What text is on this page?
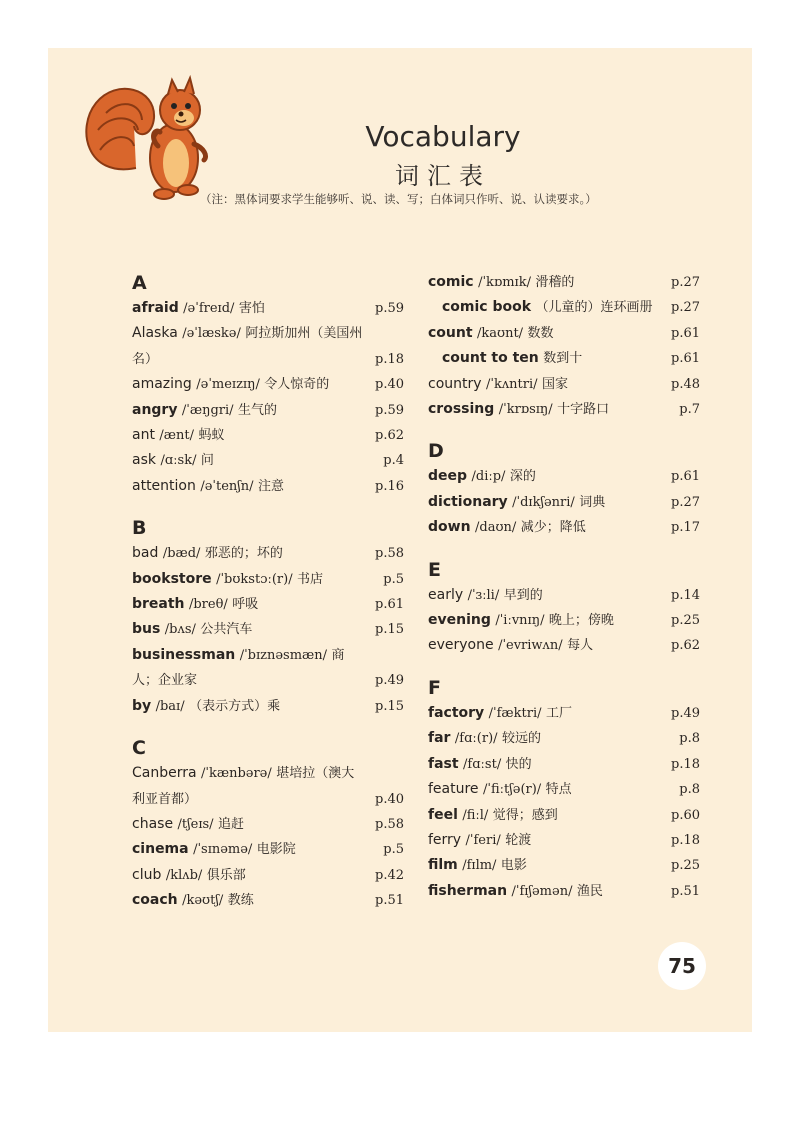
Vocabulary
词汇表
（注：黑体词要求学生能够听、说、读、写；白体词只作听、说、认读要求。）
A
afraid /əˈfreɪd/ 害怕	p.59
Alaska /əˈlæskə/ 阿拉斯加州（美国州名）	p.18
amazing /əˈmeɪzɪŋ/ 令人惊奇的	p.40
angry /ˈæŋgri/ 生气的	p.59
ant /ænt/ 蚂蚁	p.62
ask /ɑːsk/ 问	p.4
attention /əˈtenʃn/ 注意	p.16
B
bad /bæd/ 邪恶的；坏的	p.58
bookstore /ˈbʊkstɔː(r)/ 书店	p.5
breath /breθ/ 呼吸	p.61
bus /bʌs/ 公共汽车	p.15
businessman /ˈbɪznəsmæn/ 商人；企业家	p.49
by /baɪ/ （表示方式）乘	p.15
C
Canberra /ˈkænbərə/ 堪培拉（澳大利亚首都）	p.40
chase /tʃeɪs/ 追赶	p.58
cinema /ˈsɪnəmə/ 电影院	p.5
club /klʌb/ 俱乐部	p.42
coach /kəʊtʃ/ 教练	p.51
comic /ˈkɒmɪk/ 滑稽的	p.27
comic book （儿童的）连环画册 p.27
count /kaʊnt/ 数数	p.61
count to ten 数到十	p.61
country /ˈkʌntri/ 国家	p.48
crossing /ˈkrɒsɪŋ/ 十字路口	p.7
D
deep /diːp/ 深的	p.61
dictionary /ˈdɪkʃənri/ 词典	p.27
down /daʊn/ 减少；降低	p.17
E
early /ˈɜːli/ 早到的	p.14
evening /ˈiːvnɪŋ/ 晚上；傍晚	p.25
everyone /ˈevriwʌn/ 每人	p.62
F
factory /ˈfæktri/ 工厂	p.49
far /fɑː(r)/ 较远的	p.8
fast /fɑːst/ 快的	p.18
feature /ˈfiːtʃə(r)/ 特点	p.8
feel /fiːl/ 觉得；感到	p.60
ferry /ˈferi/ 轮渡	p.18
film /fɪlm/ 电影	p.25
fisherman /ˈfɪʃəmən/ 渔民	p.51
75
